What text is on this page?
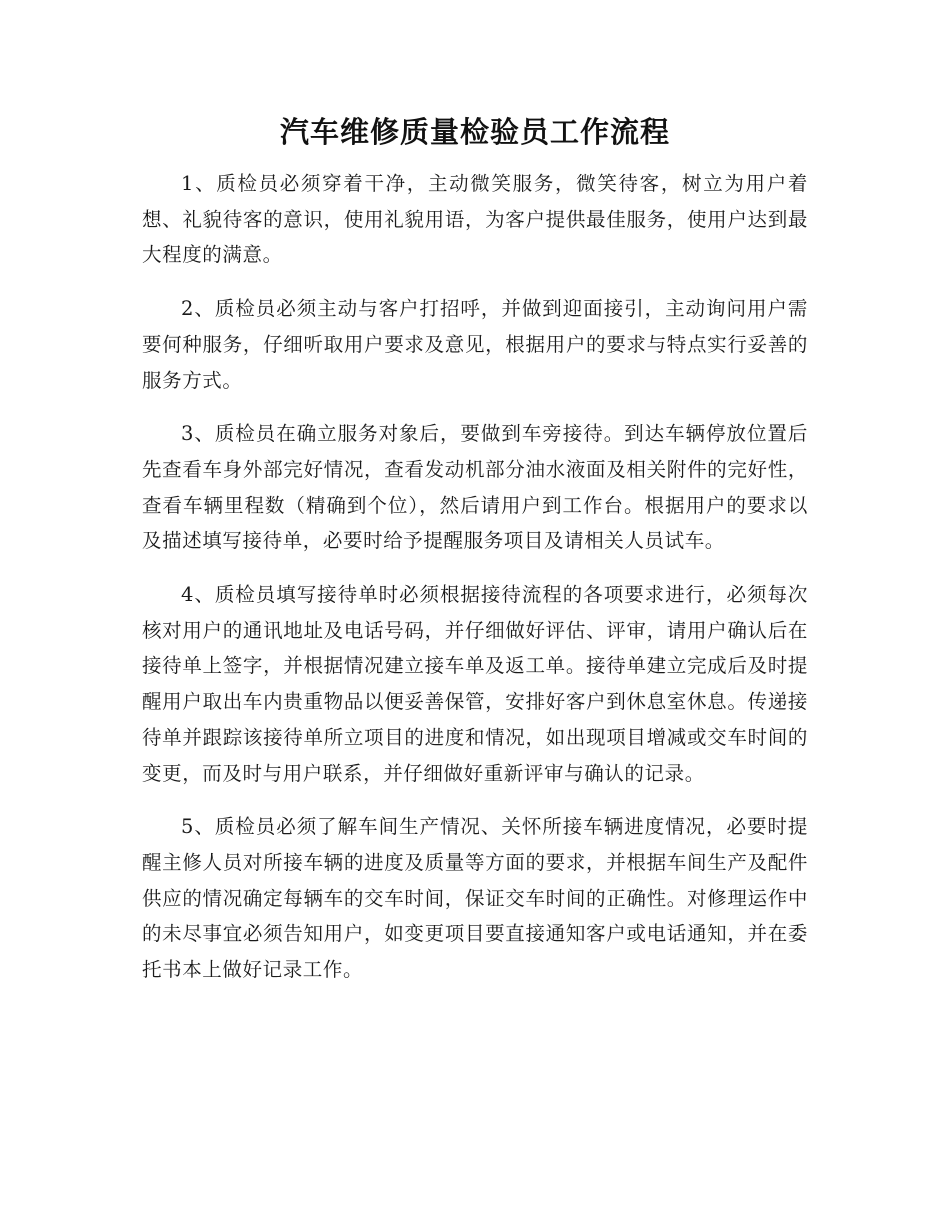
汽车维修质量检验员工作流程

1、质检员必须穿着干净，主动微笑服务，微笑待客，树立为用户着想、礼貌待客的意识，使用礼貌用语，为客户提供最佳服务，使用户达到最大程度的满意。

2、质检员必须主动与客户打招呼，并做到迎面接引，主动询问用户需要何种服务，仔细听取用户要求及意见，根据用户的要求与特点实行妥善的服务方式。

3、质检员在确立服务对象后，要做到车旁接待。到达车辆停放位置后先查看车身外部完好情况，查看发动机部分油水液面及相关附件的完好性，查看车辆里程数（精确到个位），然后请用户到工作台。根据用户的要求以及描述填写接待单，必要时给予提醒服务项目及请相关人员试车。

4、质检员填写接待单时必须根据接待流程的各项要求进行，必须每次核对用户的通讯地址及电话号码，并仔细做好评估、评审，请用户确认后在接待单上签字，并根据情况建立接车单及返工单。接待单建立完成后及时提醒用户取出车内贵重物品以便妥善保管，安排好客户到休息室休息。传递接待单并跟踪该接待单所立项目的进度和情况，如出现项目增减或交车时间的变更，而及时与用户联系，并仔细做好重新评审与确认的记录。

5、质检员必须了解车间生产情况、关怀所接车辆进度情况，必要时提醒主修人员对所接车辆的进度及质量等方面的要求，并根据车间生产及配件供应的情况确定每辆车的交车时间，保证交车时间的正确性。对修理运作中的未尽事宜必须告知用户，如变更项目要直接通知客户或电话通知，并在委托书本上做好记录工作。
